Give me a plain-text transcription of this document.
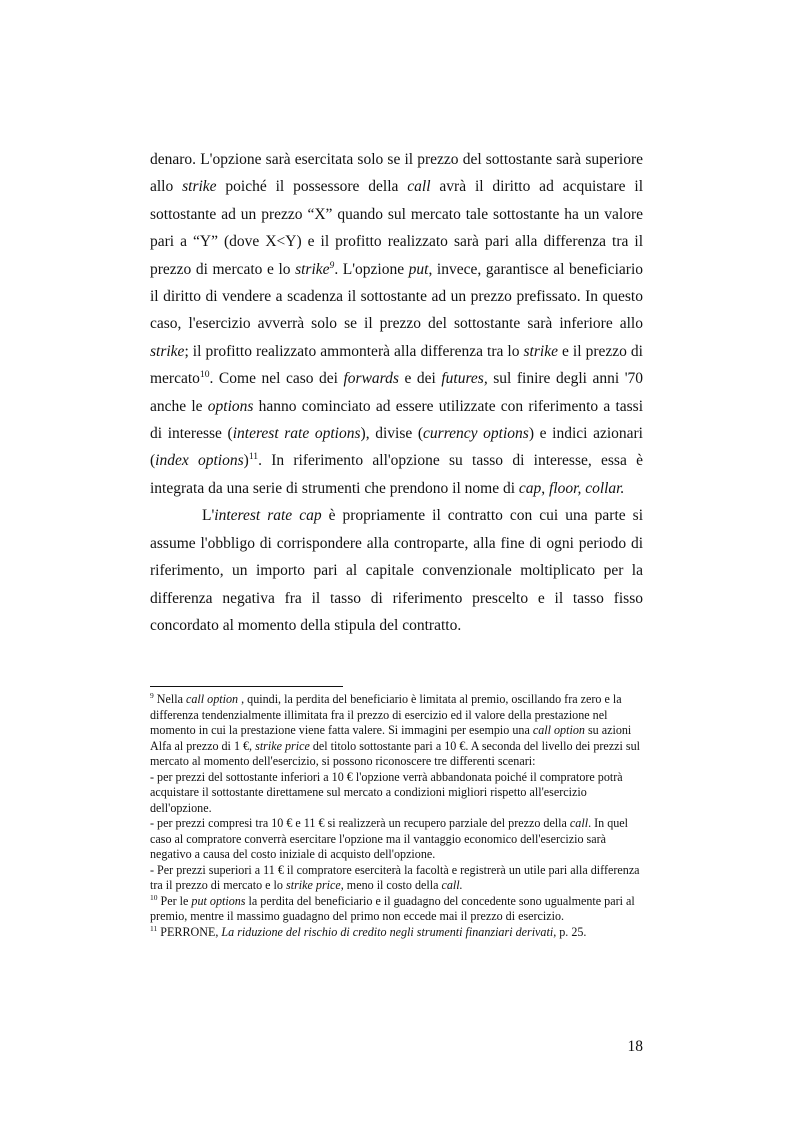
denaro. L'opzione sarà esercitata solo se il prezzo del sottostante sarà superiore allo strike poiché il possessore della call avrà il diritto ad acquistare il sottostante ad un prezzo “X” quando sul mercato tale sottostante ha un valore pari a “Y” (dove X<Y) e il profitto realizzato sarà pari alla differenza tra il prezzo di mercato e lo strike$^9$. L'opzione put, invece, garantisce al beneficiario il diritto di vendere a scadenza il sottostante ad un prezzo prefissato. In questo caso, l'esercizio avverrà solo se il prezzo del sottostante sarà inferiore allo strike; il profitto realizzato ammonterà alla differenza tra lo strike e il prezzo di mercato$^{10}$. Come nel caso dei forwards e dei futures, sul finire degli anni '70 anche le options hanno cominciato ad essere utilizzate con riferimento a tassi di interesse (interest rate options), divise (currency options) e indici azionari (index options)$^{11}$. In riferimento all'opzione su tasso di interesse, essa è integrata da una serie di strumenti che prendono il nome di cap, floor, collar.

L'interest rate cap è propriamente il contratto con cui una parte si assume l'obbligo di corrispondere alla controparte, alla fine di ogni periodo di riferimento, un importo pari al capitale convenzionale moltiplicato per la differenza negativa fra il tasso di riferimento prescelto e il tasso fisso concordato al momento della stipula del contratto.

$^9$ Nella call option , quindi, la perdita del beneficiario è limitata al premio, oscillando fra zero e la differenza tendenzialmente illimitata fra il prezzo di esercizio ed il valore della prestazione nel momento in cui la prestazione viene fatta valere. Si immagini per esempio una call option su azioni Alfa al prezzo di 1 €, strike price del titolo sottostante pari a 10 €. A seconda del livello dei prezzi sul mercato al momento dell'esercizio, si possono riconoscere tre differenti scenari:

- per prezzi del sottostante inferiori a 10 € l'opzione verrà abbandonata poiché il compratore potrà acquistare il sottostante direttamene sul mercato a condizioni migliori rispetto all'esercizio dell'opzione.

- per prezzi compresi tra 10 € e 11 € si realizzerà un recupero parziale del prezzo della call. In quel caso al compratore converrà esercitare l'opzione ma il vantaggio economico dell'esercizio sarà negativo a causa del costo iniziale di acquisto dell'opzione.

- Per prezzi superiori a 11 € il compratore eserciterà la facoltà e registrerà un utile pari alla differenza tra il prezzo di mercato e lo strike price, meno il costo della call.

$^{10}$ Per le put options la perdita del beneficiario e il guadagno del concedente sono ugualmente pari al premio, mentre il massimo guadagno del primo non eccede mai il prezzo di esercizio.

$^{11}$ PERRONE, La riduzione del rischio di credito negli strumenti finanziari derivati, p. 25.

18
